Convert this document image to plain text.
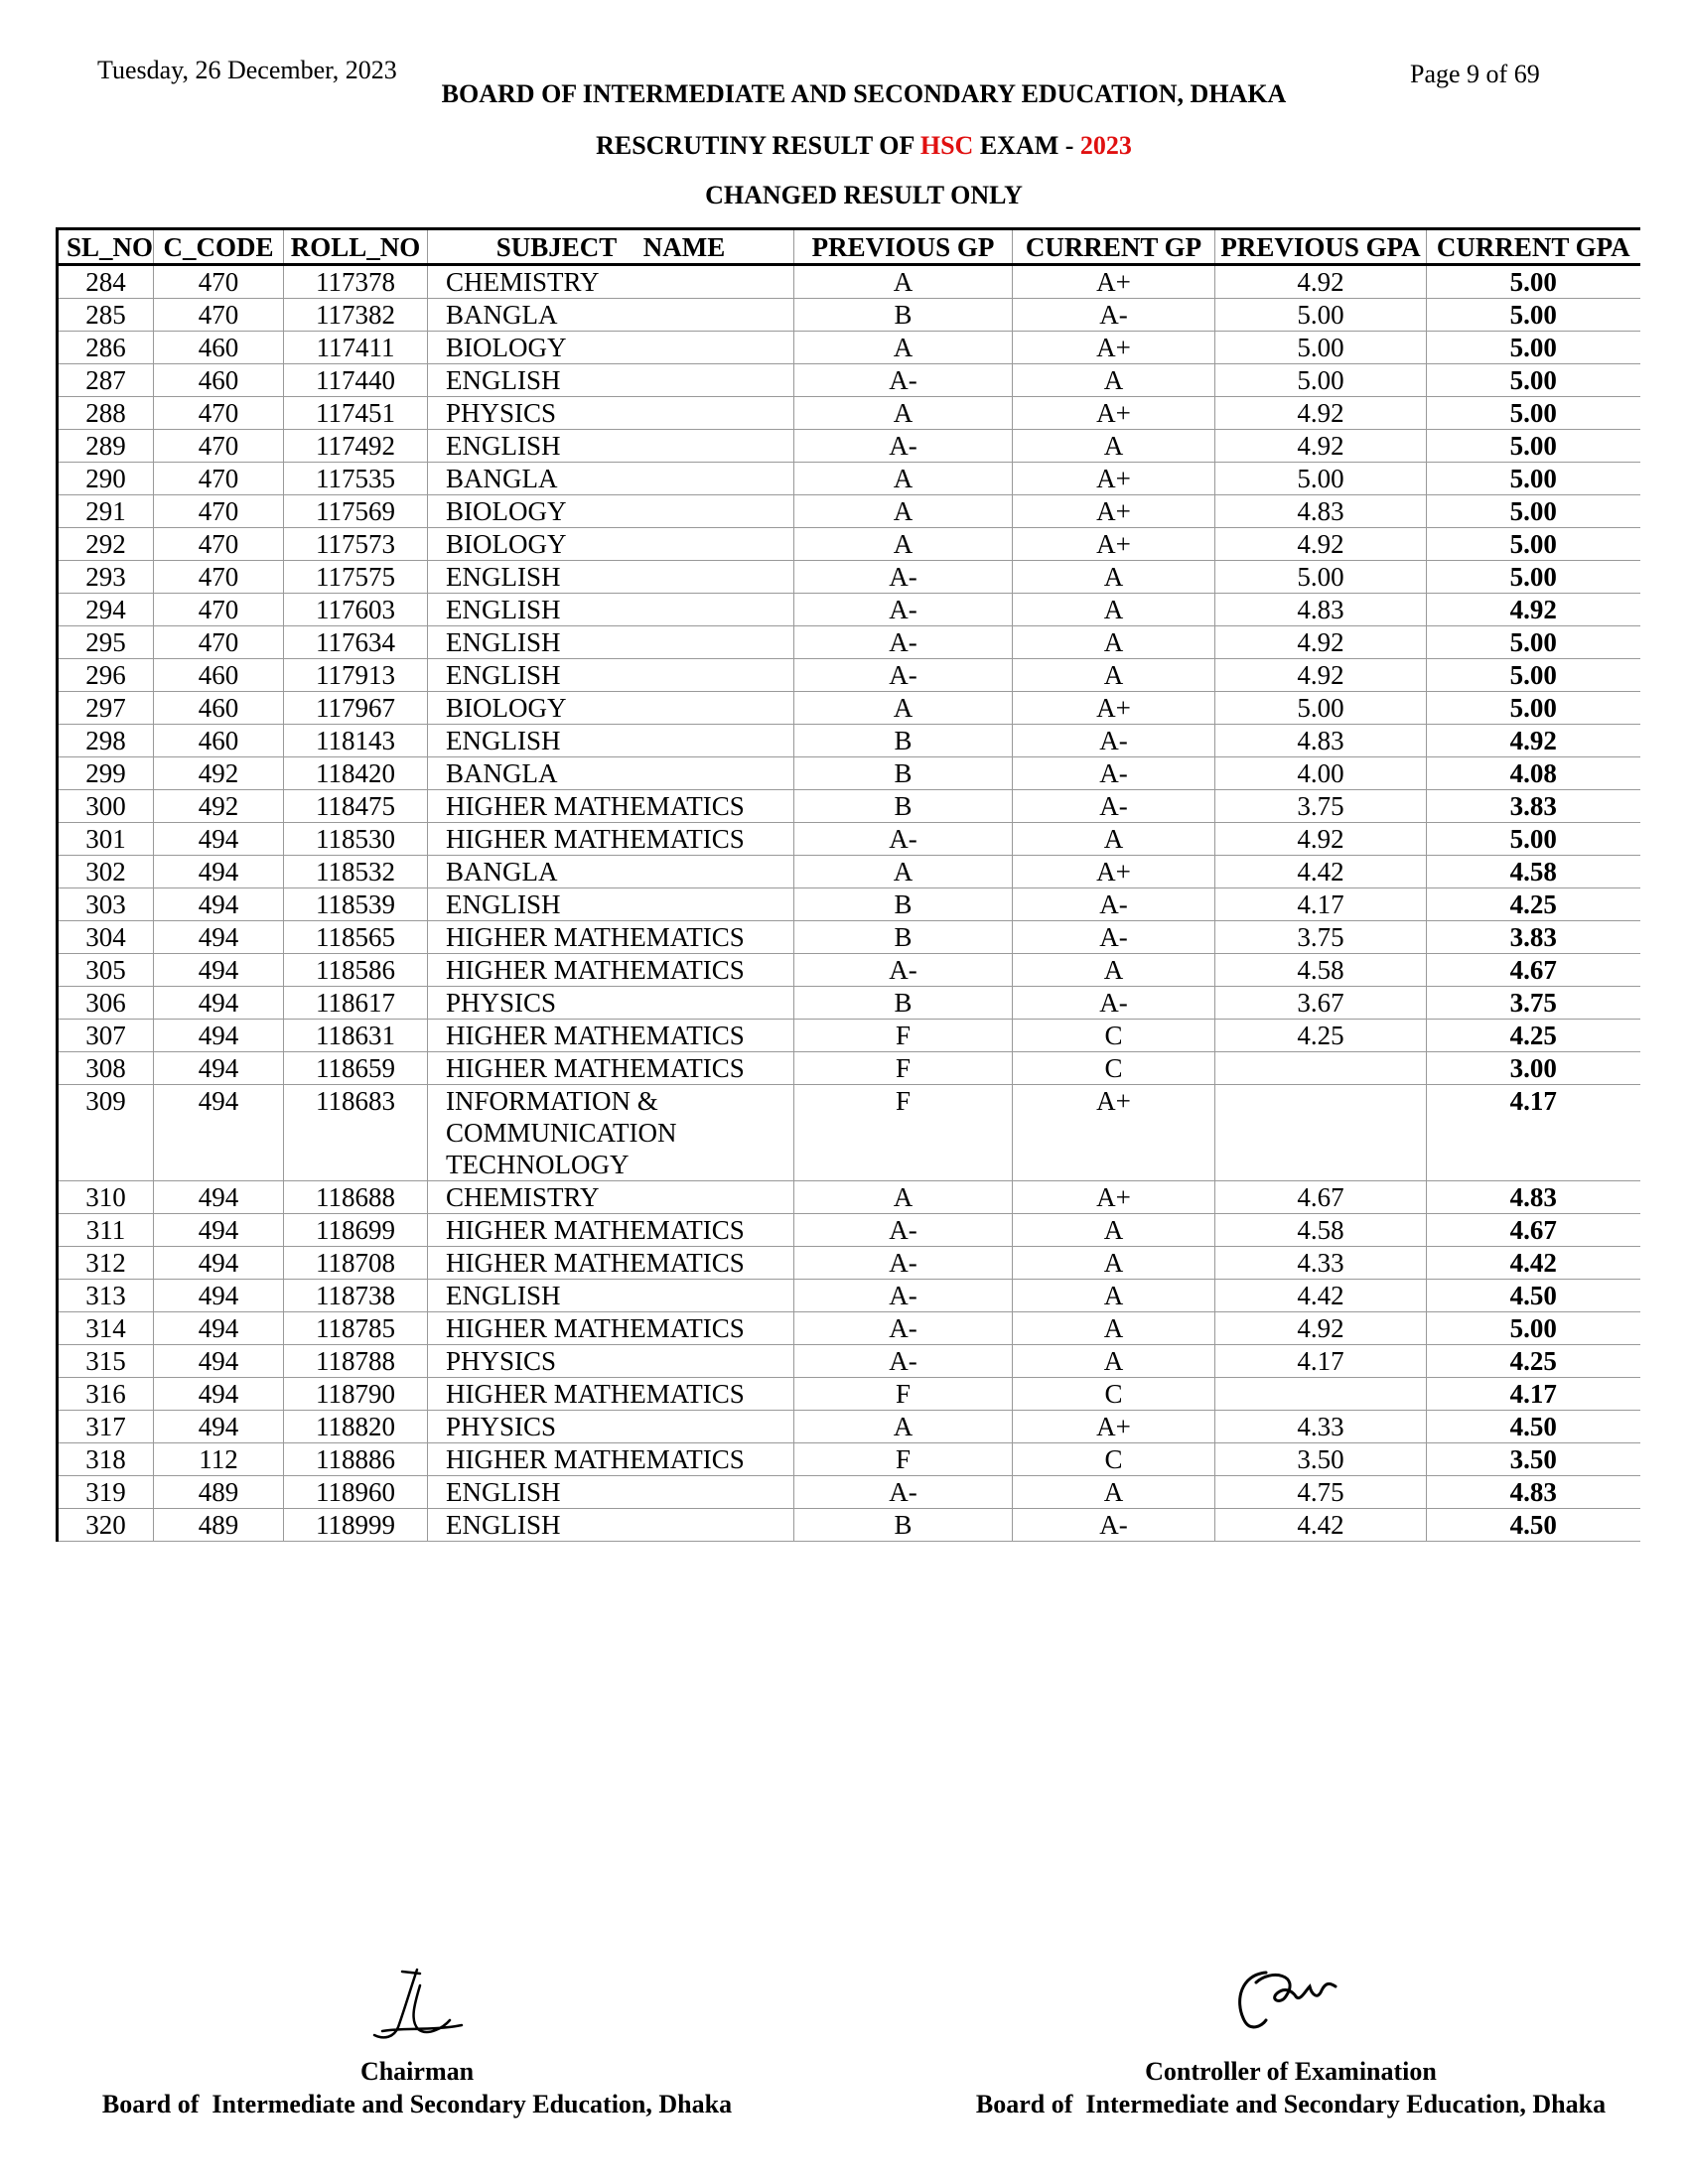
Tuesday, 26 December, 2023	Page 9 of 69
BOARD OF INTERMEDIATE AND SECONDARY EDUCATION, DHAKA
RESCRUTINY RESULT OF HSC EXAM - 2023
CHANGED RESULT ONLY
SL_NO	C_CODE	ROLL_NO	SUBJECT    NAME	PREVIOUS GP	CURRENT GP	PREVIOUS GPA	CURRENT GPA
284	470	117378	CHEMISTRY	A	A+	4.92	5.00
285	470	117382	BANGLA	B	A-	5.00	5.00
286	460	117411	BIOLOGY	A	A+	5.00	5.00
287	460	117440	ENGLISH	A-	A	5.00	5.00
288	470	117451	PHYSICS	A	A+	4.92	5.00
289	470	117492	ENGLISH	A-	A	4.92	5.00
290	470	117535	BANGLA	A	A+	5.00	5.00
291	470	117569	BIOLOGY	A	A+	4.83	5.00
292	470	117573	BIOLOGY	A	A+	4.92	5.00
293	470	117575	ENGLISH	A-	A	5.00	5.00
294	470	117603	ENGLISH	A-	A	4.83	4.92
295	470	117634	ENGLISH	A-	A	4.92	5.00
296	460	117913	ENGLISH	A-	A	4.92	5.00
297	460	117967	BIOLOGY	A	A+	5.00	5.00
298	460	118143	ENGLISH	B	A-	4.83	4.92
299	492	118420	BANGLA	B	A-	4.00	4.08
300	492	118475	HIGHER MATHEMATICS	B	A-	3.75	3.83
301	494	118530	HIGHER MATHEMATICS	A-	A	4.92	5.00
302	494	118532	BANGLA	A	A+	4.42	4.58
303	494	118539	ENGLISH	B	A-	4.17	4.25
304	494	118565	HIGHER MATHEMATICS	B	A-	3.75	3.83
305	494	118586	HIGHER MATHEMATICS	A-	A	4.58	4.67
306	494	118617	PHYSICS	B	A-	3.67	3.75
307	494	118631	HIGHER MATHEMATICS	F	C	4.25	4.25
308	494	118659	HIGHER MATHEMATICS	F	C		3.00
309	494	118683	INFORMATION & COMMUNICATION TECHNOLOGY	F	A+		4.17
310	494	118688	CHEMISTRY	A	A+	4.67	4.83
311	494	118699	HIGHER MATHEMATICS	A-	A	4.58	4.67
312	494	118708	HIGHER MATHEMATICS	A-	A	4.33	4.42
313	494	118738	ENGLISH	A-	A	4.42	4.50
314	494	118785	HIGHER MATHEMATICS	A-	A	4.92	5.00
315	494	118788	PHYSICS	A-	A	4.17	4.25
316	494	118790	HIGHER MATHEMATICS	F	C		4.17
317	494	118820	PHYSICS	A	A+	4.33	4.50
318	112	118886	HIGHER MATHEMATICS	F	C	3.50	3.50
319	489	118960	ENGLISH	A-	A	4.75	4.83
320	489	118999	ENGLISH	B	A-	4.42	4.50
Chairman
Board of  Intermediate and Secondary Education, Dhaka
Controller of Examination
Board of  Intermediate and Secondary Education, Dhaka
